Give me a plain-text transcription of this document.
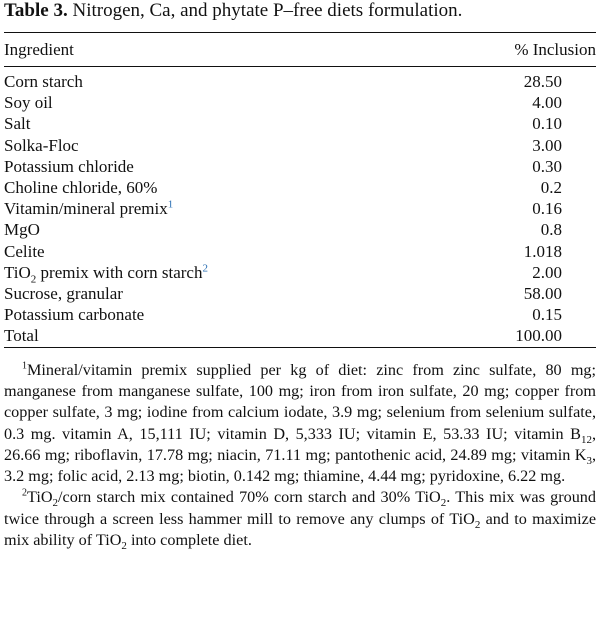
Table 3. Nitrogen, Ca, and phytate P–free diets formulation.
Ingredient	% Inclusion
Corn starch	28.50
Soy oil	4.00
Salt	0.10
Solka-Floc	3.00
Potassium chloride	0.30
Choline chloride, 60%	0.2
Vitamin/mineral premix$^1$	0.16
MgO	0.8
Celite	1.018
TiO$_2$ premix with corn starch$^2$	2.00
Sucrose, granular	58.00
Potassium carbonate	0.15
Total	100.00

$^1$Mineral/vitamin premix supplied per kg of diet: zinc from zinc sulfate, 80 mg; manganese from manganese sulfate, 100 mg; iron from iron sulfate, 20 mg; copper from copper sulfate, 3 mg; iodine from calcium iodate, 3.9 mg; selenium from selenium sulfate, 0.3 mg. vitamin A, 15,111 IU; vitamin D, 5,333 IU; vitamin E, 53.33 IU; vitamin $B_{12}$, 26.66 mg; riboflavin, 17.78 mg; niacin, 71.11 mg; pantothenic acid, 24.89 mg; vitamin $K_3$, 3.2 mg; folic acid, 2.13 mg; biotin, 0.142 mg; thiamine, 4.44 mg; pyridoxine, 6.22 mg.

$^2$TiO$_2$/corn starch mix contained 70% corn starch and 30% TiO$_2$. This mix was ground twice through a screen less hammer mill to remove any clumps of TiO$_2$ and to maximize mix ability of TiO$_2$ into complete diet.
